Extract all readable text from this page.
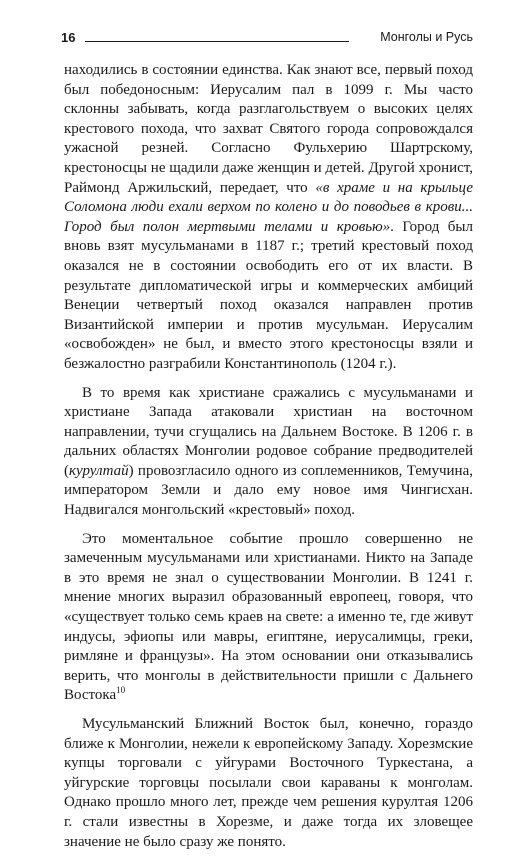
16	Монголы и Русь

находились в состоянии единства. Как знают все, первый поход был победоносным: Иерусалим пал в 1099 г. Мы часто склонны забывать, когда разглагольствуем о высоких целях крестового похода, что захват Святого города сопровождался ужасной резней. Согласно Фульхерию Шартрскому, крестоносцы не щадили даже женщин и детей. Другой хронист, Раймонд Аржильский, передает, что «в храме и на крыльце Соломона люди ехали верхом по колено и до поводьев в крови... Город был полон мертвыми телами и кровью». Город был вновь взят мусульманами в 1187 г.; третий крестовый поход оказался не в состоянии освободить его от их власти. В результате дипломатической игры и коммерческих амбиций Венеции четвертый поход оказался направлен против Византийской империи и против мусульман. Иерусалим «освобожден» не был, и вместо этого крестоносцы взяли и безжалостно разграбили Константинополь (1204 г.).

В то время как христиане сражались с мусульманами и христиане Запада атаковали христиан на восточном направлении, тучи сгущались на Дальнем Востоке. В 1206 г. в дальних областях Монголии родовое собрание предводителей (курултай) провозгласило одного из соплеменников, Темучина, императором Земли и дало ему новое имя Чингисхан. Надвигался монгольский «крестовый» поход.

Это моментальное событие прошло совершенно не замеченным мусульманами или христианами. Никто на Западе в это время не знал о существовании Монголии. В 1241 г. мнение многих выразил образованный европеец, говоря, что «существует только семь краев на свете: а именно те, где живут индусы, эфиопы или мавры, египтяне, иерусалимцы, греки, римляне и французы». На этом основании они отказывались верить, что монголы в действительности пришли с Дальнего Востока$^{10}$

Мусульманский Ближний Восток был, конечно, гораздо ближе к Монголии, нежели к европейскому Западу. Хорезмские купцы торговали с уйгурами Восточного Туркестана, а уйгурские торговцы посылали свои караваны к монголам. Однако прошло много лет, прежде чем решения курултая 1206 г. стали известны в Хорезме, и даже тогда их зловещее значение не было сразу же понято.
